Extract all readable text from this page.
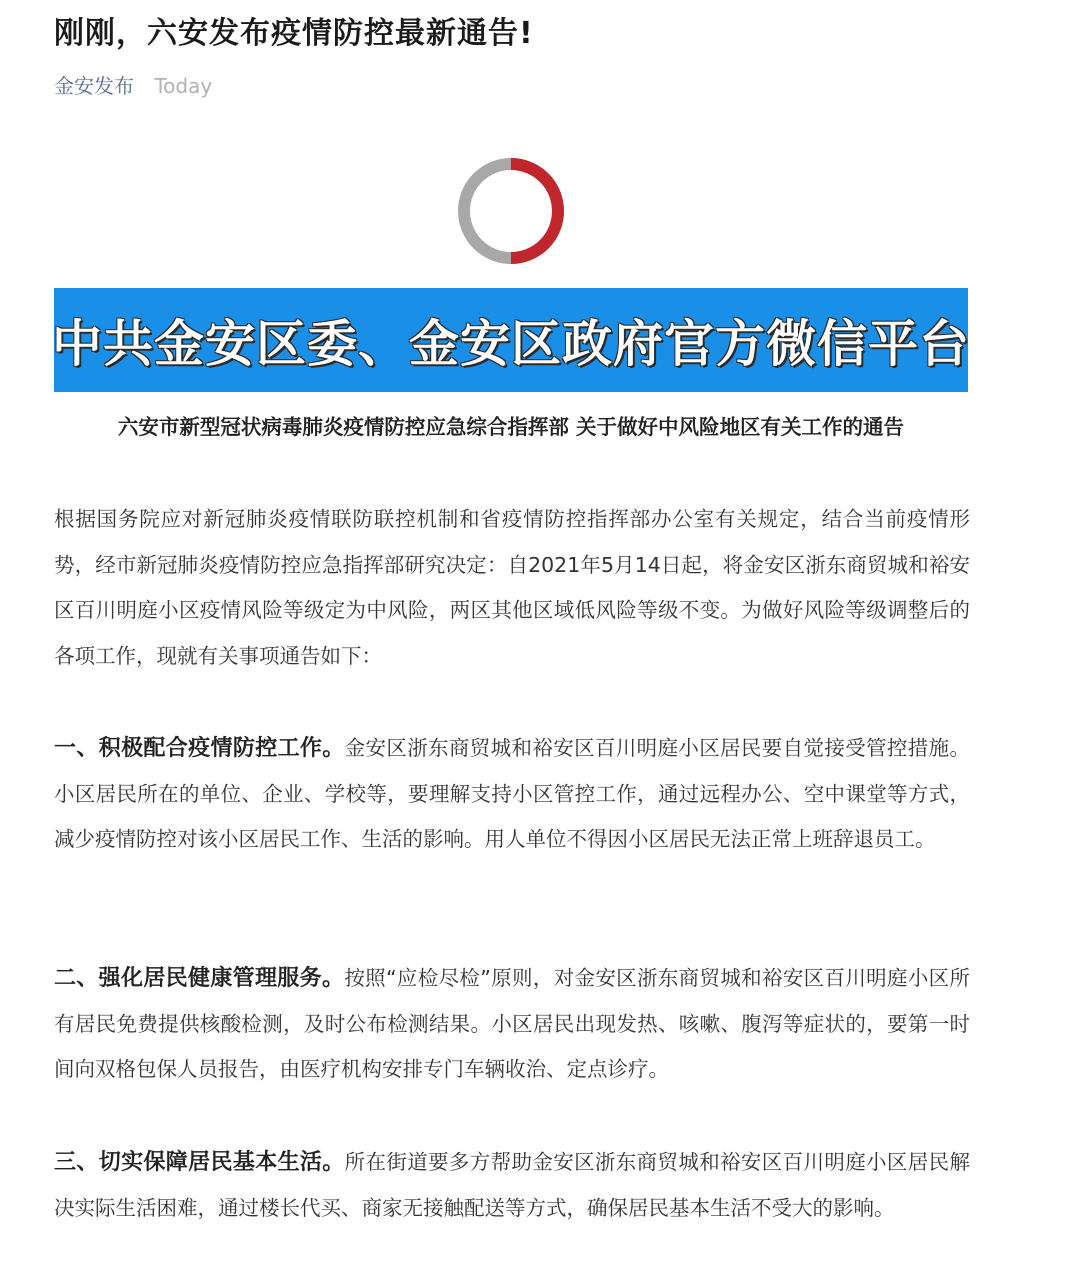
刚刚，六安发布疫情防控最新通告!
金安发布 Today
中共金安区委、金安区政府官方微信平台
六安市新型冠状病毒肺炎疫情防控应急综合指挥部 关于做好中风险地区有关工作的通告

根据国务院应对新冠肺炎疫情联防联控机制和省疫情防控指挥部办公室有关规定，结合当前疫情形势，经市新冠肺炎疫情防控应急指挥部研究决定：自2021年5月14日起，将金安区浙东商贸城和裕安区百川明庭小区疫情风险等级定为中风险，两区其他区域低风险等级不变。为做好风险等级调整后的各项工作，现就有关事项通告如下：

一、积极配合疫情防控工作。金安区浙东商贸城和裕安区百川明庭小区居民要自觉接受管控措施。小区居民所在的单位、企业、学校等，要理解支持小区管控工作，通过远程办公、空中课堂等方式，减少疫情防控对该小区居民工作、生活的影响。用人单位不得因小区居民无法正常上班辞退员工。

二、强化居民健康管理服务。按照“应检尽检”原则，对金安区浙东商贸城和裕安区百川明庭小区所有居民免费提供核酸检测，及时公布检测结果。小区居民出现发热、咳嗽、腹泻等症状的，要第一时间向双格包保人员报告，由医疗机构安排专门车辆收治、定点诊疗。

三、切实保障居民基本生活。所在街道要多方帮助金安区浙东商贸城和裕安区百川明庭小区居民解决实际生活困难，通过楼长代买、商家无接触配送等方式，确保居民基本生活不受大的影响。
